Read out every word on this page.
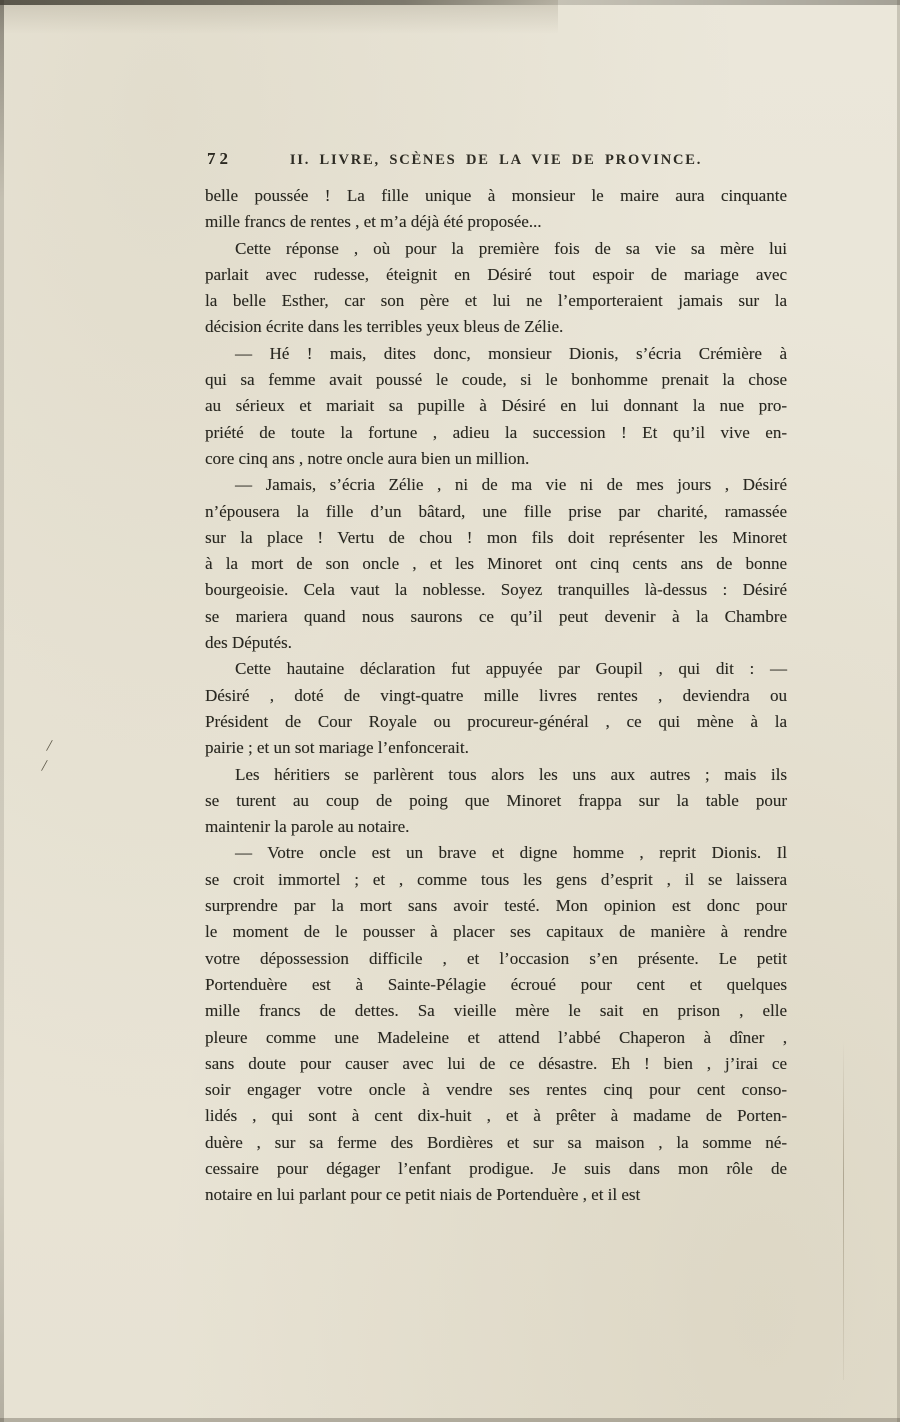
72	II. LIVRE, SCÈNES DE LA VIE DE PROVINCE.
belle poussée ! La fille unique à monsieur le maire aura cinquante
mille francs de rentes , et m’a déjà été proposée...
Cette réponse , où pour la première fois de sa vie sa mère lui
parlait avec rudesse, éteignit en Désiré tout espoir de mariage avec
la belle Esther, car son père et lui ne l’emporteraient jamais sur la
décision écrite dans les terribles yeux bleus de Zélie.
— Hé ! mais, dites donc, monsieur Dionis, s’écria Crémière à
qui sa femme avait poussé le coude, si le bonhomme prenait la chose
au sérieux et mariait sa pupille à Désiré en lui donnant la nue pro-
priété de toute la fortune , adieu la succession ! Et qu’il vive en-
core cinq ans , notre oncle aura bien un million.
— Jamais, s’écria Zélie , ni de ma vie ni de mes jours , Désiré
n’épousera la fille d’un bâtard, une fille prise par charité, ramassée
sur la place ! Vertu de chou ! mon fils doit représenter les Minoret
à la mort de son oncle , et les Minoret ont cinq cents ans de bonne
bourgeoisie. Cela vaut la noblesse. Soyez tranquilles là-dessus : Désiré
se mariera quand nous saurons ce qu’il peut devenir à la Chambre
des Députés.
Cette hautaine déclaration fut appuyée par Goupil , qui dit : —
Désiré , doté de vingt-quatre mille livres rentes , deviendra ou
Président de Cour Royale ou procureur-général , ce qui mène à la
pairie ; et un sot mariage l’enfoncerait.
Les héritiers se parlèrent tous alors les uns aux autres ; mais ils
se turent au coup de poing que Minoret frappa sur la table pour
maintenir la parole au notaire.
— Votre oncle est un brave et digne homme , reprit Dionis. Il
se croit immortel ; et , comme tous les gens d’esprit , il se laissera
surprendre par la mort sans avoir testé. Mon opinion est donc pour
le moment de le pousser à placer ses capitaux de manière à rendre
votre dépossession difficile , et l’occasion s’en présente. Le petit
Portenduère est à Sainte-Pélagie écroué pour cent et quelques
mille francs de dettes. Sa vieille mère le sait en prison , elle
pleure comme une Madeleine et attend l’abbé Chaperon à dîner ,
sans doute pour causer avec lui de ce désastre. Eh ! bien , j’irai ce
soir engager votre oncle à vendre ses rentes cinq pour cent conso-
lidés , qui sont à cent dix-huit , et à prêter à madame de Porten-
duère , sur sa ferme des Bordières et sur sa maison , la somme né-
cessaire pour dégager l’enfant prodigue. Je suis dans mon rôle de
notaire en lui parlant pour ce petit niais de Portenduère , et il est
/
/
